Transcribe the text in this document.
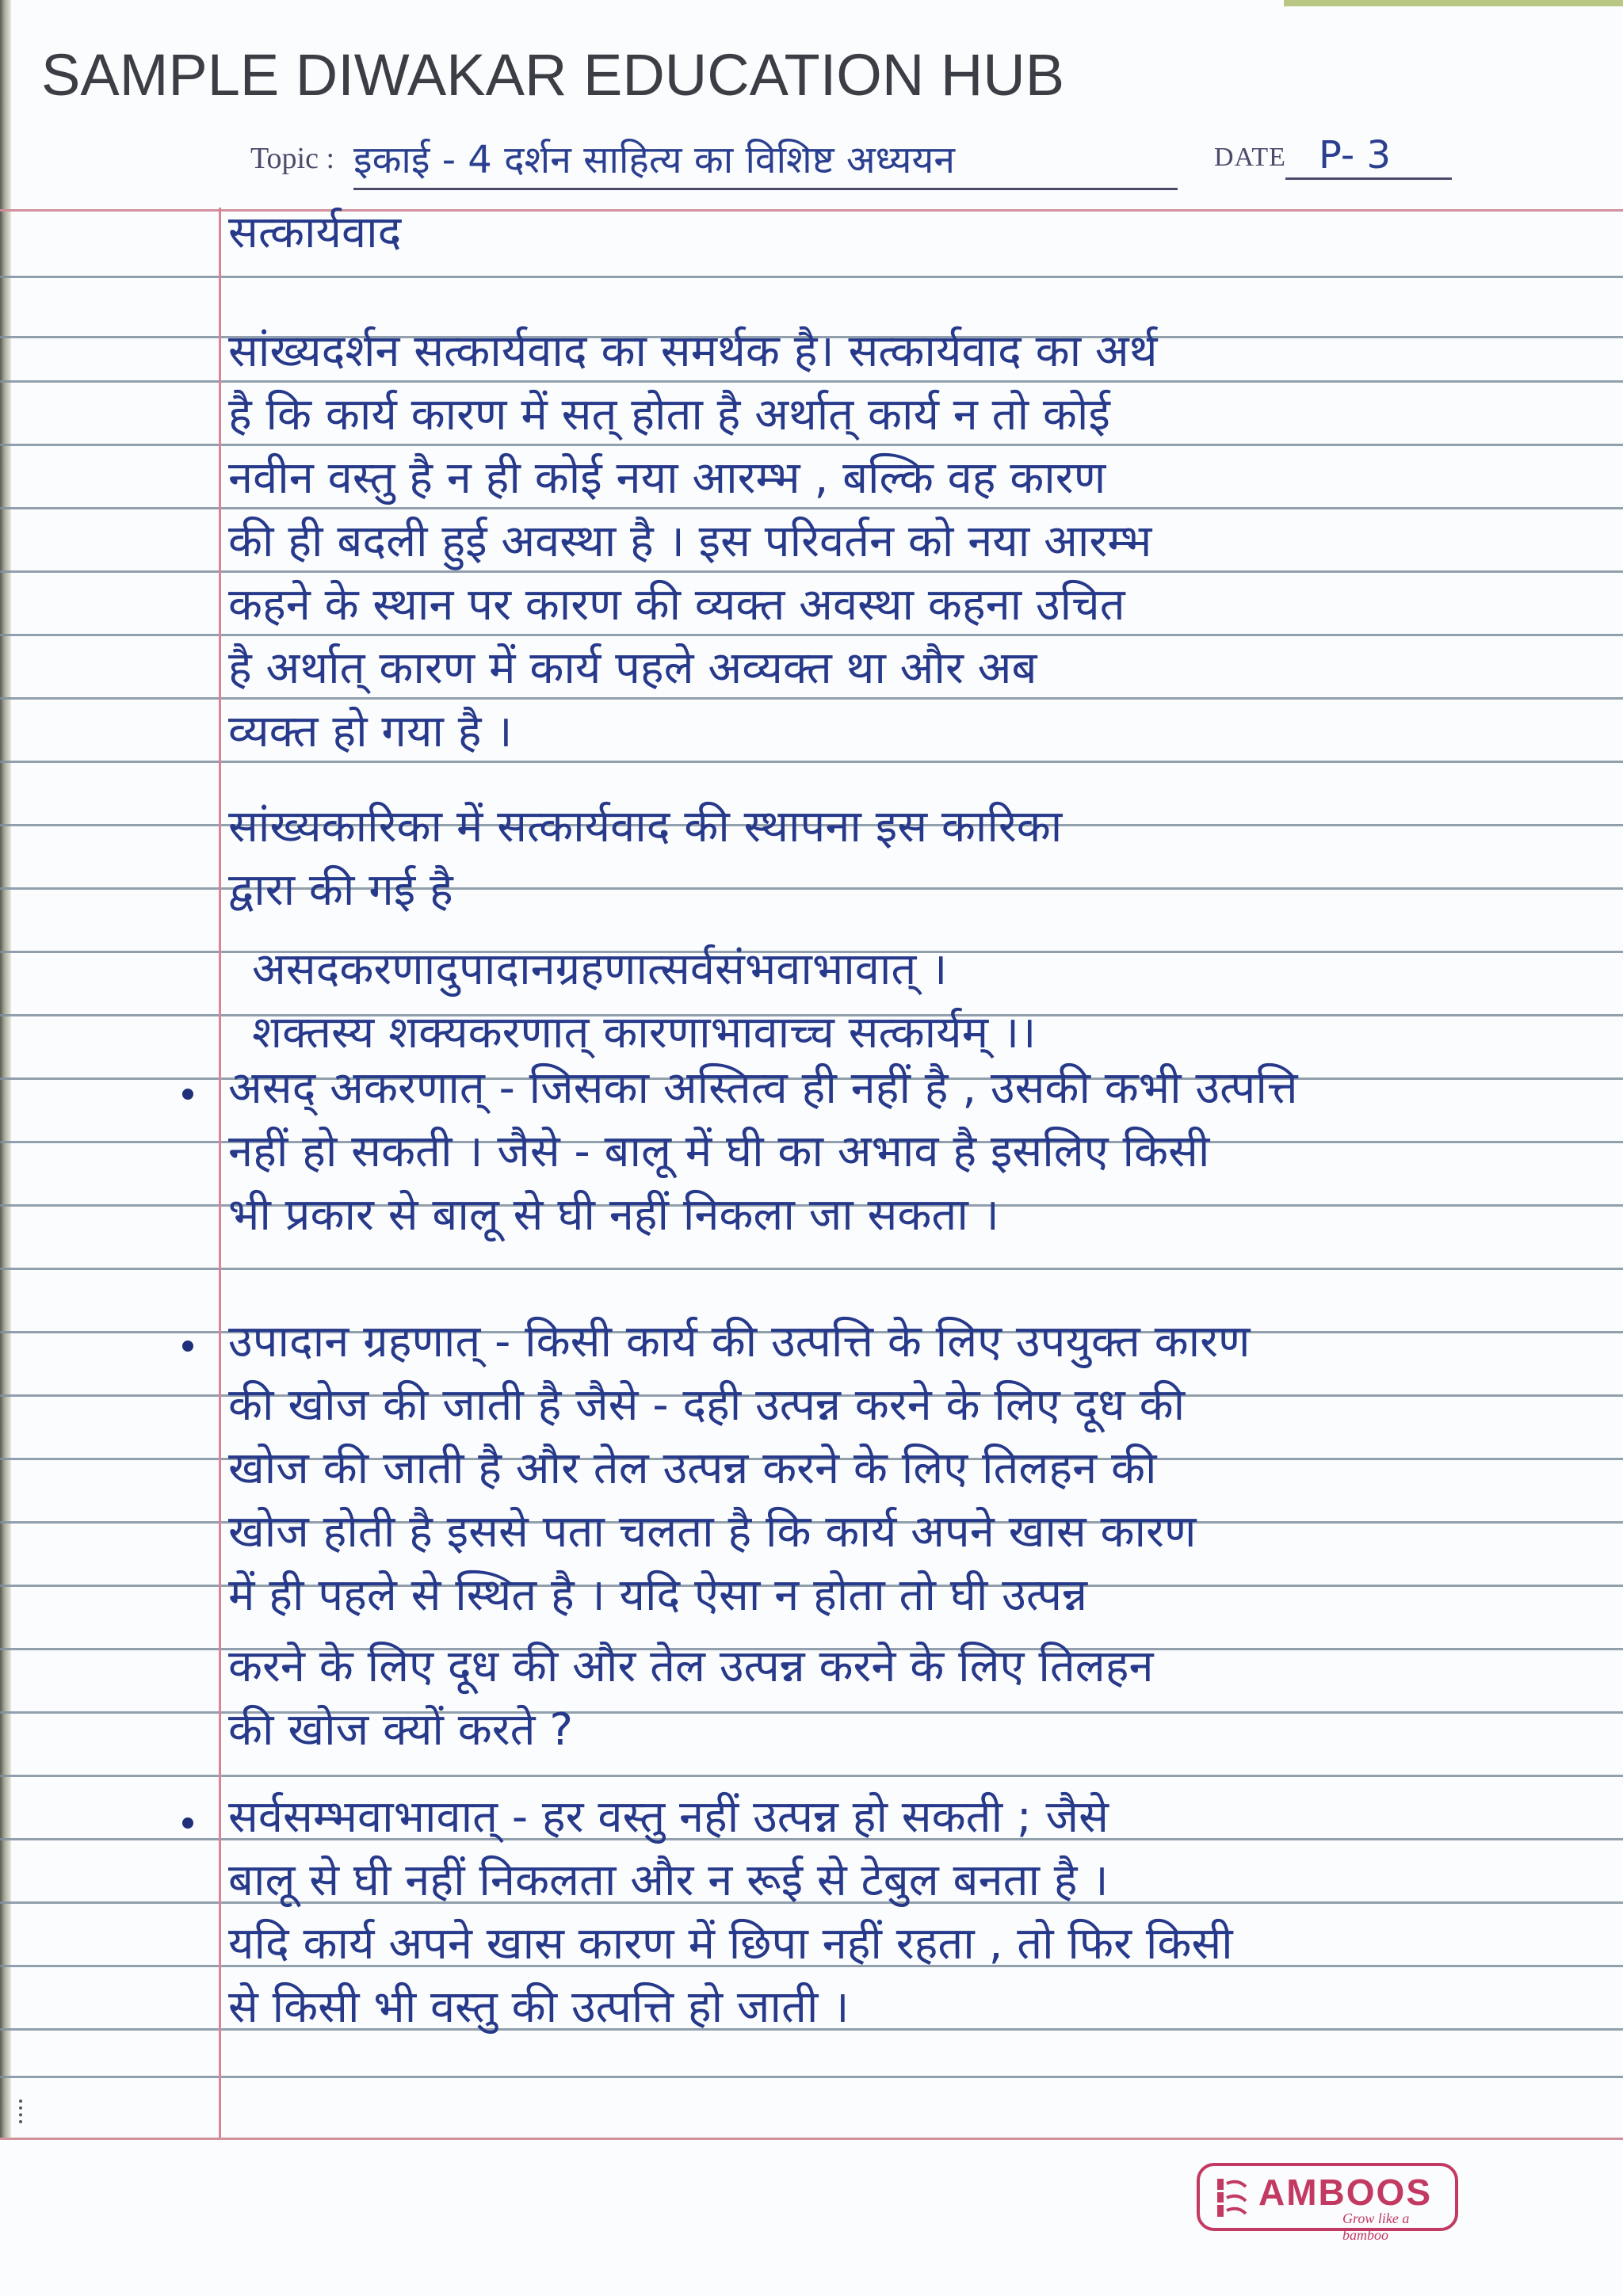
SAMPLE DIWAKAR EDUCATION HUB
Topic : इकाई - 4 दर्शन साहित्य का विशिष्ट अध्ययन	DATE P- 3
सत्कार्यवाद
सांख्यदर्शन सत्कार्यवाद का समर्थक है। सत्कार्यवाद का अर्थ
है कि कार्य कारण में सत् होता है अर्थात् कार्य न तो कोई
नवीन वस्तु है न ही कोई नया आरम्भ , बल्कि वह कारण
की ही बदली हुई अवस्था है । इस परिवर्तन को नया आरम्भ
कहने के स्थान पर कारण की व्यक्त अवस्था कहना उचित
है अर्थात् कारण में कार्य पहले अव्यक्त था और अब
व्यक्त हो गया है ।
सांख्यकारिका में सत्कार्यवाद की स्थापना इस कारिका
द्वारा की गई है
असदकरणादुपादानग्रहणात्सर्वसंभवाभावात् ।
शक्तस्य शक्यकरणात् कारणाभावाच्च सत्कार्यम् ।।
असद् अकरणात् - जिसका अस्तित्व ही नहीं है , उसकी कभी उत्पत्ति
नहीं हो सकती । जैसे - बालू में घी का अभाव है इसलिए किसी
भी प्रकार से बालू से घी नहीं निकला जा सकता ।
उपादान ग्रहणात् - किसी कार्य की उत्पत्ति के लिए उपयुक्त कारण
की खोज की जाती है जैसे - दही उत्पन्न करने के लिए दूध की
खोज की जाती है और तेल उत्पन्न करने के लिए तिलहन की
खोज होती है इससे पता चलता है कि कार्य अपने खास कारण
में ही पहले से स्थित है । यदि ऐसा न होता तो घी उत्पन्न
करने के लिए दूध की और तेल उत्पन्न करने के लिए तिलहन
की खोज क्यों करते ?
सर्वसम्भवाभावात् - हर वस्तु नहीं उत्पन्न हो सकती ; जैसे
बालू से घी नहीं निकलता और न रूई से टेबुल बनता है ।
यदि कार्य अपने खास कारण में छिपा नहीं रहता , तो फिर किसी
से किसी भी वस्तु की उत्पत्ति हो जाती ।
AMBOOS
Grow like a bamboo
